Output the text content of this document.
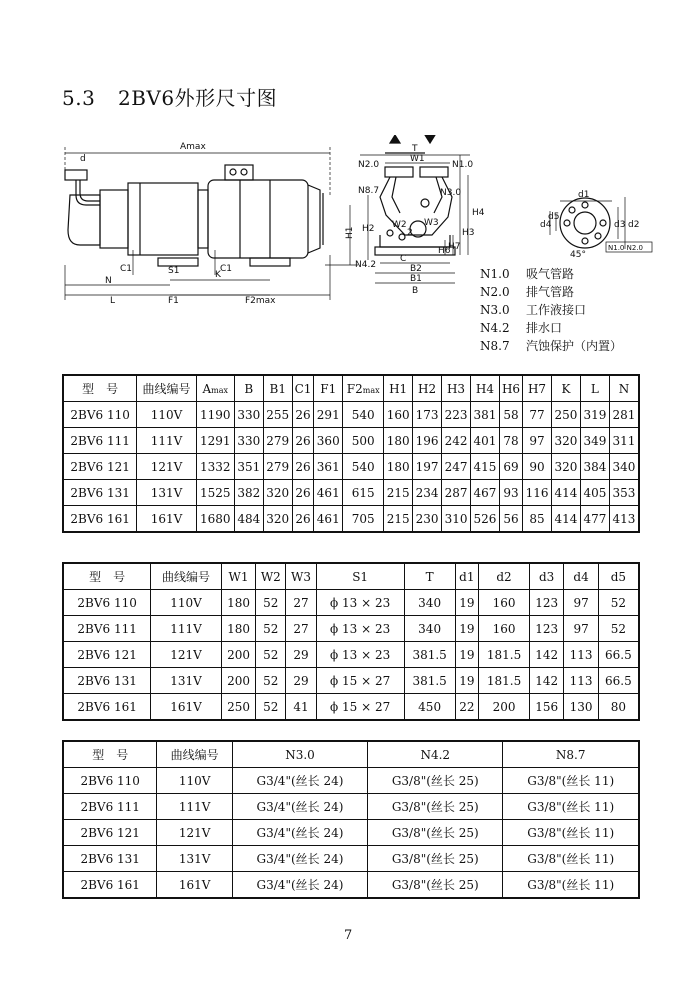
5.3 2BV6外形尺寸图
Amax
d
H1
C1	C1
S1
N
K
L	F1	F2max
T
W1
N2.0	N1.0
N8.7	N3.0
N4.2
H2
H4
H3
H7
H6
W2 W3
2
C
B2
B1
B
d1
d4
d5
d3 d2
45°
N1.0 N2.0
N1.0	吸气管路
N2.0	排气管路
N3.0	工作液接口
N4.2	排水口
N8.7	汽蚀保护（内置）
型　号	曲线编号	Amax	B	B1	C1	F1	F2max	H1	H2	H3	H4	H6	H7	K	L	N
2BV6 110	110V	1190	330	255	26	291	540	160	173	223	381	58	77	250	319	281
2BV6 111	111V	1291	330	279	26	360	500	180	196	242	401	78	97	320	349	311
2BV6 121	121V	1332	351	279	26	361	540	180	197	247	415	69	90	320	384	340
2BV6 131	131V	1525	382	320	26	461	615	215	234	287	467	93	116	414	405	353
2BV6 161	161V	1680	484	320	26	461	705	215	230	310	526	56	85	414	477	413
型　号	曲线编号	W1	W2	W3	S1	T	d1	d2	d3	d4	d5
2BV6 110	110V	180	52	27	ϕ 13 × 23	340	19	160	123	97	52
2BV6 111	111V	180	52	27	ϕ 13 × 23	340	19	160	123	97	52
2BV6 121	121V	200	52	29	ϕ 13 × 23	381.5	19	181.5	142	113	66.5
2BV6 131	131V	200	52	29	ϕ 15 × 27	381.5	19	181.5	142	113	66.5
2BV6 161	161V	250	52	41	ϕ 15 × 27	450	22	200	156	130	80
型　号	曲线编号	N3.0	N4.2	N8.7
2BV6 110	110V	G3/4"(丝长 24)	G3/8"(丝长 25)	G3/8"(丝长 11)
2BV6 111	111V	G3/4"(丝长 24)	G3/8"(丝长 25)	G3/8"(丝长 11)
2BV6 121	121V	G3/4"(丝长 24)	G3/8"(丝长 25)	G3/8"(丝长 11)
2BV6 131	131V	G3/4"(丝长 24)	G3/8"(丝长 25)	G3/8"(丝长 11)
2BV6 161	161V	G3/4"(丝长 24)	G3/8"(丝长 25)	G3/8"(丝长 11)
7
